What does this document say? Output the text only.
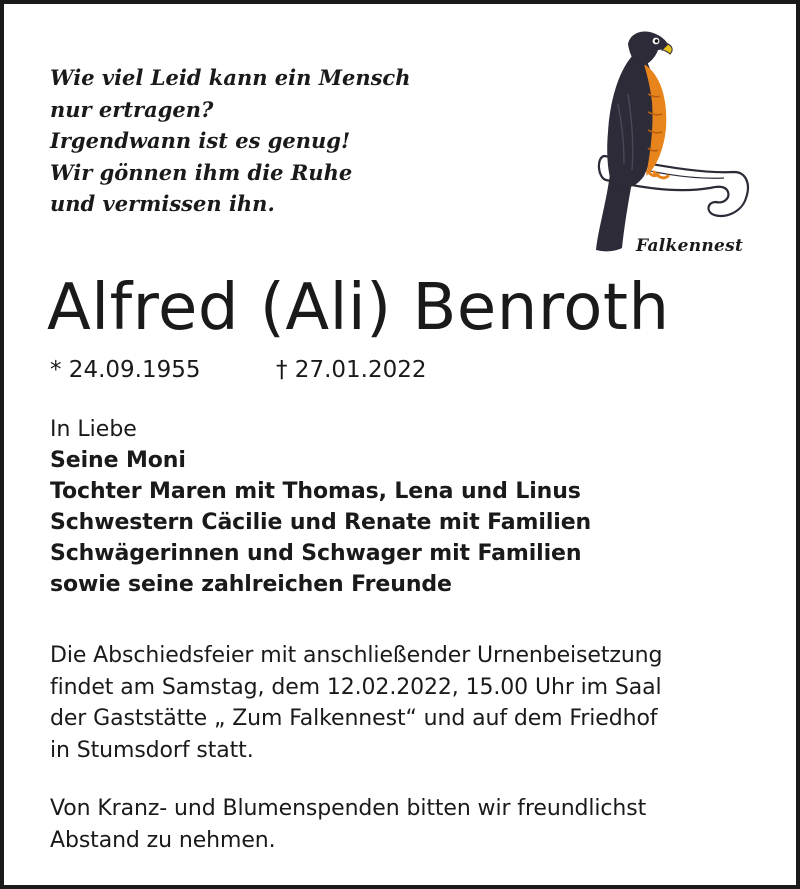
Wie viel Leid kann ein Mensch
nur ertragen?
Irgendwann ist es genug!
Wir gönnen ihm die Ruhe
und vermissen ihn.
Falkennest
Alfred (Ali) Benroth
* 24.09.1955	† 27.01.2022
In Liebe
Seine Moni
Tochter Maren mit Thomas, Lena und Linus
Schwestern Cäcilie und Renate mit Familien
Schwägerinnen und Schwager mit Familien
sowie seine zahlreichen Freunde
Die Abschiedsfeier mit anschließender Urnenbeisetzung
findet am Samstag, dem 12.02.2022, 15.00 Uhr im Saal
der Gaststätte „ Zum Falkennest“ und auf dem Friedhof
in Stumsdorf statt.
Von Kranz- und Blumenspenden bitten wir freundlichst
Abstand zu nehmen.
